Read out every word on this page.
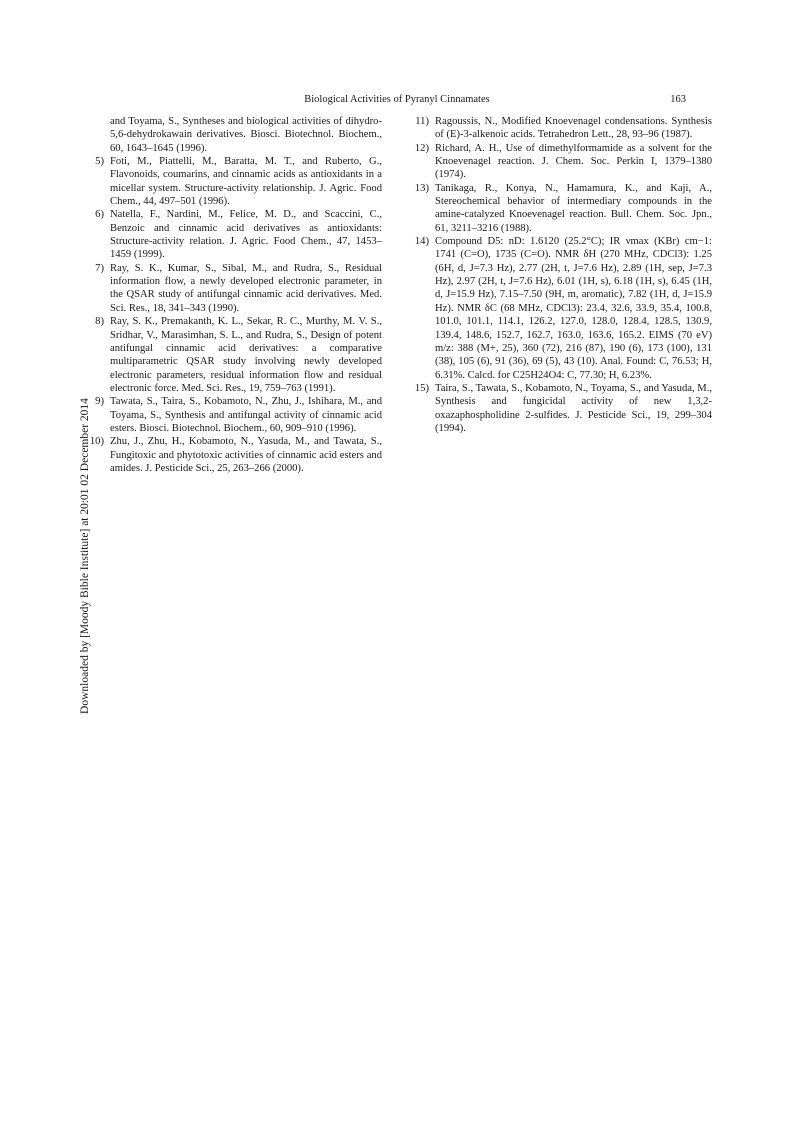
Biological Activities of Pyranyl Cinnamates	163
Downloaded by [Moody Bible Institute] at 20:01 02 December 2014
and Toyama, S., Syntheses and biological activities of dihydro-5,6-dehydrokawain derivatives. Biosci. Biotechnol. Biochem., 60, 1643–1645 (1996).
5) Foti, M., Piattelli, M., Baratta, M. T., and Ruberto, G., Flavonoids, coumarins, and cinnamic acids as antioxidants in a micellar system. Structure-activity relationship. J. Agric. Food Chem., 44, 497–501 (1996).
6) Natella, F., Nardini, M., Felice, M. D., and Scaccini, C., Benzoic and cinnamic acid derivatives as antioxidants: Structure-activity relation. J. Agric. Food Chem., 47, 1453–1459 (1999).
7) Ray, S. K., Kumar, S., Sibal, M., and Rudra, S., Residual information flow, a newly developed electronic parameter, in the QSAR study of antifungal cinnamic acid derivatives. Med. Sci. Res., 18, 341–343 (1990).
8) Ray, S. K., Premakanth, K. L., Sekar, R. C., Murthy, M. V. S., Sridhar, V., Marasimhan, S. L., and Rudra, S., Design of potent antifungal cinnamic acid derivatives: a comparative multiparametric QSAR study involving newly developed electronic parameters, residual information flow and residual electronic force. Med. Sci. Res., 19, 759–763 (1991).
9) Tawata, S., Taira, S., Kobamoto, N., Zhu, J., Ishihara, M., and Toyama, S., Synthesis and antifungal activity of cinnamic acid esters. Biosci. Biotechnol. Biochem., 60, 909–910 (1996).
10) Zhu, J., Zhu, H., Kobamoto, N., Yasuda, M., and Tawata, S., Fungitoxic and phytotoxic activities of cinnamic acid esters and amides. J. Pesticide Sci., 25, 263–266 (2000).
11) Ragoussis, N., Modified Knoevenagel condensations. Synthesis of (E)-3-alkenoic acids. Tetrahedron Lett., 28, 93–96 (1987).
12) Richard, A. H., Use of dimethylformamide as a solvent for the Knoevenagel reaction. J. Chem. Soc. Perkin I, 1379–1380 (1974).
13) Tanikaga, R., Konya, N., Hamamura, K., and Kaji, A., Stereochemical behavior of intermediary compounds in the amine-catalyzed Knoevenagel reaction. Bull. Chem. Soc. Jpn., 61, 3211–3216 (1988).
14) Compound D5: nD: 1.6120 (25.2°C); IR νmax (KBr) cm−1: 1741 (C=O), 1735 (C=O). NMR δH (270 MHz, CDCl3): 1.25 (6H, d, J=7.3 Hz), 2.77 (2H, t, J=7.6 Hz), 2.89 (1H, sep, J=7.3 Hz), 2.97 (2H, t, J=7.6 Hz), 6.01 (1H, s), 6.18 (1H, s), 6.45 (1H, d, J=15.9 Hz), 7.15–7.50 (9H, m, aromatic), 7.82 (1H, d, J=15.9 Hz). NMR δC (68 MHz, CDCl3): 23.4, 32.6, 33.9, 35.4, 100.8, 101.0, 101.1, 114.1, 126.2, 127.0, 128.0, 128.4, 128.5, 130.9, 139.4, 148.6, 152.7, 162.7, 163.0, 163.6, 165.2. EIMS (70 eV) m/z: 388 (M+, 25), 360 (72), 216 (87), 190 (6), 173 (100), 131 (38), 105 (6), 91 (36), 69 (5), 43 (10). Anal. Found: C, 76.53; H, 6.31%. Calcd. for C25H24O4: C, 77.30; H, 6.23%.
15) Taira, S., Tawata, S., Kobamoto, N., Toyama, S., and Yasuda, M., Synthesis and fungicidal activity of new 1,3,2-oxazaphospholidine 2-sulfides. J. Pesticide Sci., 19, 299–304 (1994).
